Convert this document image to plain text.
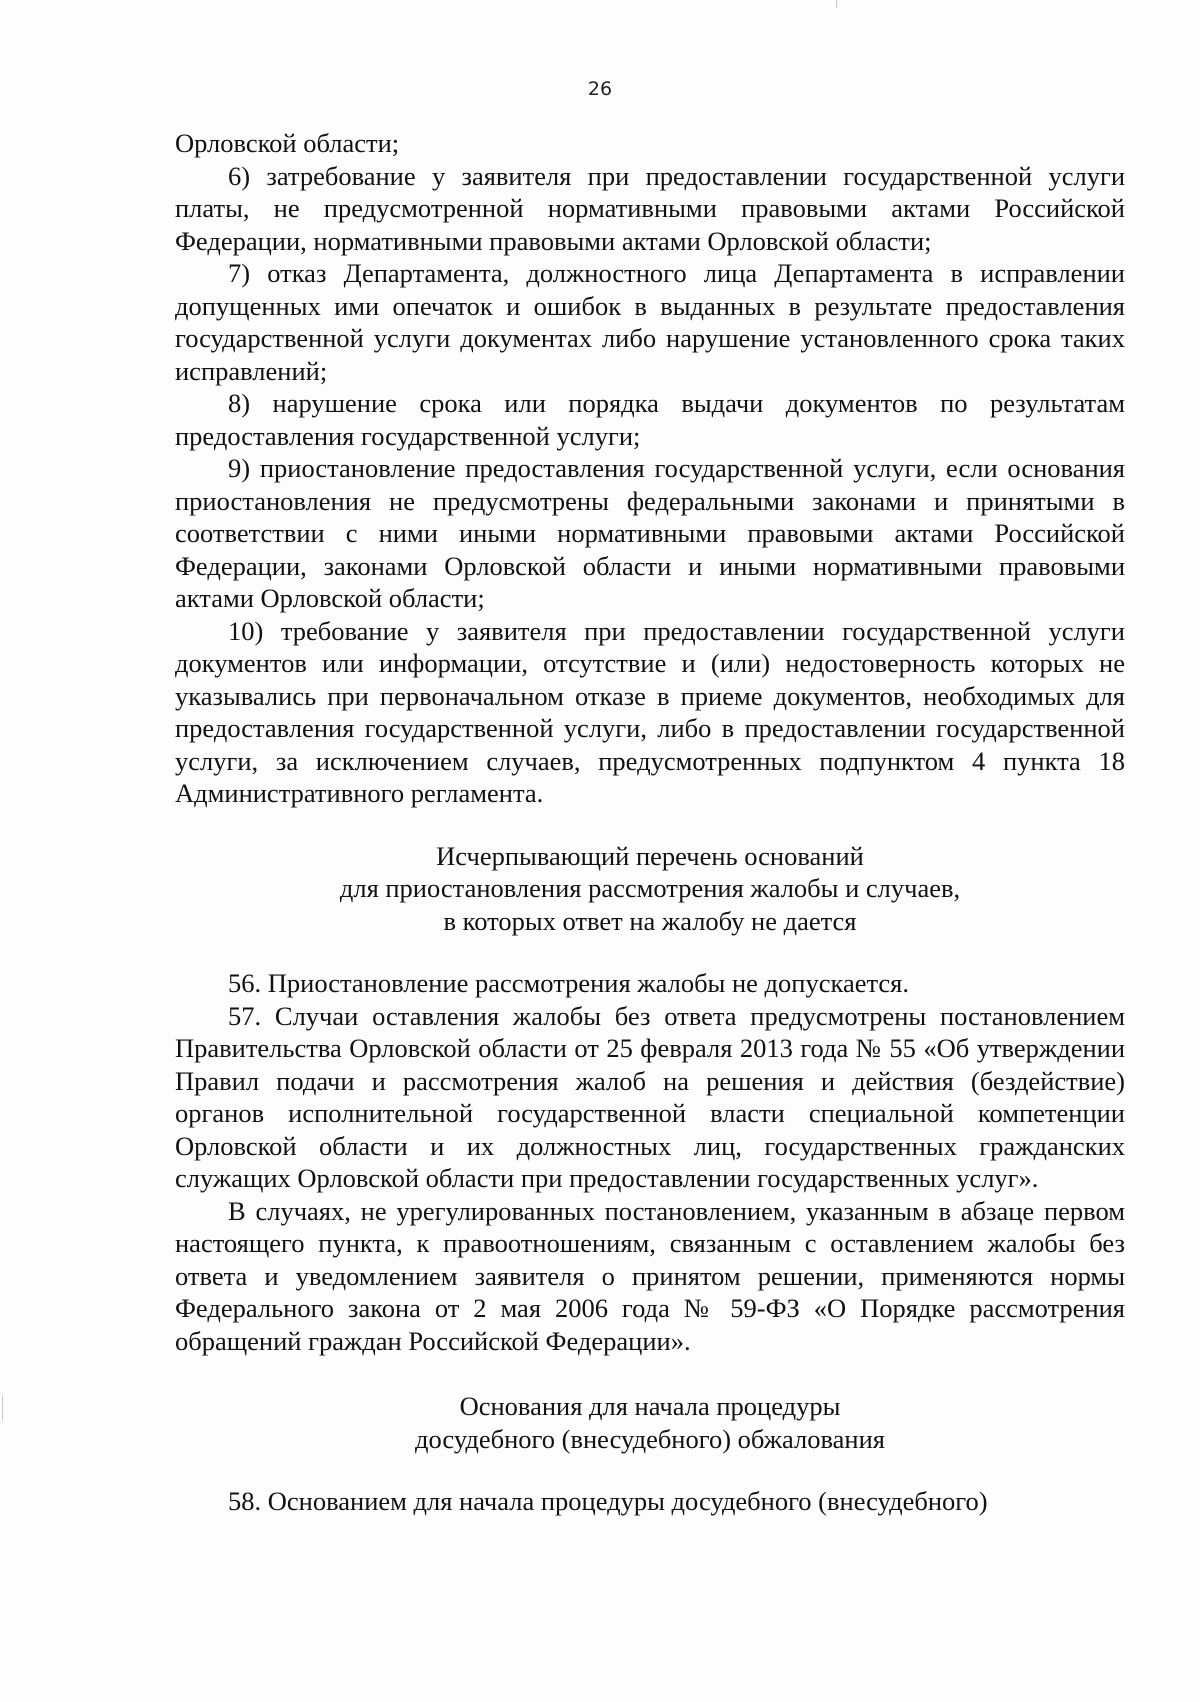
26

Орловской области;

6) затребование у заявителя при предоставлении государственной услуги платы, не предусмотренной нормативными правовыми актами Российской Федерации, нормативными правовыми актами Орловской области;

7) отказ Департамента, должностного лица Департамента в исправлении допущенных ими опечаток и ошибок в выданных в результате предоставления государственной услуги документах либо нарушение установленного срока таких исправлений;

8) нарушение срока или порядка выдачи документов по результатам предоставления государственной услуги;

9) приостановление предоставления государственной услуги, если основания приостановления не предусмотрены федеральными законами и принятыми в соответствии с ними иными нормативными правовыми актами Российской Федерации, законами Орловской области и иными нормативными правовыми актами Орловской области;

10) требование у заявителя при предоставлении государственной услуги документов или информации, отсутствие и (или) недостоверность которых не указывались при первоначальном отказе в приеме документов, необходимых для предоставления государственной услуги, либо в предоставлении государственной услуги, за исключением случаев, предусмотренных подпунктом 4 пункта 18 Административного регламента.

Исчерпывающий перечень оснований
для приостановления рассмотрения жалобы и случаев,
в которых ответ на жалобу не дается

56. Приостановление рассмотрения жалобы не допускается.

57. Случаи оставления жалобы без ответа предусмотрены постановлением Правительства Орловской области от 25 февраля 2013 года № 55 «Об утверждении Правил подачи и рассмотрения жалоб на решения и действия (бездействие) органов исполнительной государственной власти специальной компетенции Орловской области и их должностных лиц, государственных гражданских служащих Орловской области при предоставлении государственных услуг».

В случаях, не урегулированных постановлением, указанным в абзаце первом настоящего пункта, к правоотношениям, связанным с оставлением жалобы без ответа и уведомлением заявителя о принятом решении, применяются нормы Федерального закона от 2 мая 2006 года № 59-ФЗ «О Порядке рассмотрения обращений граждан Российской Федерации».

Основания для начала процедуры
досудебного (внесудебного) обжалования

58. Основанием для начала процедуры досудебного (внесудебного)
